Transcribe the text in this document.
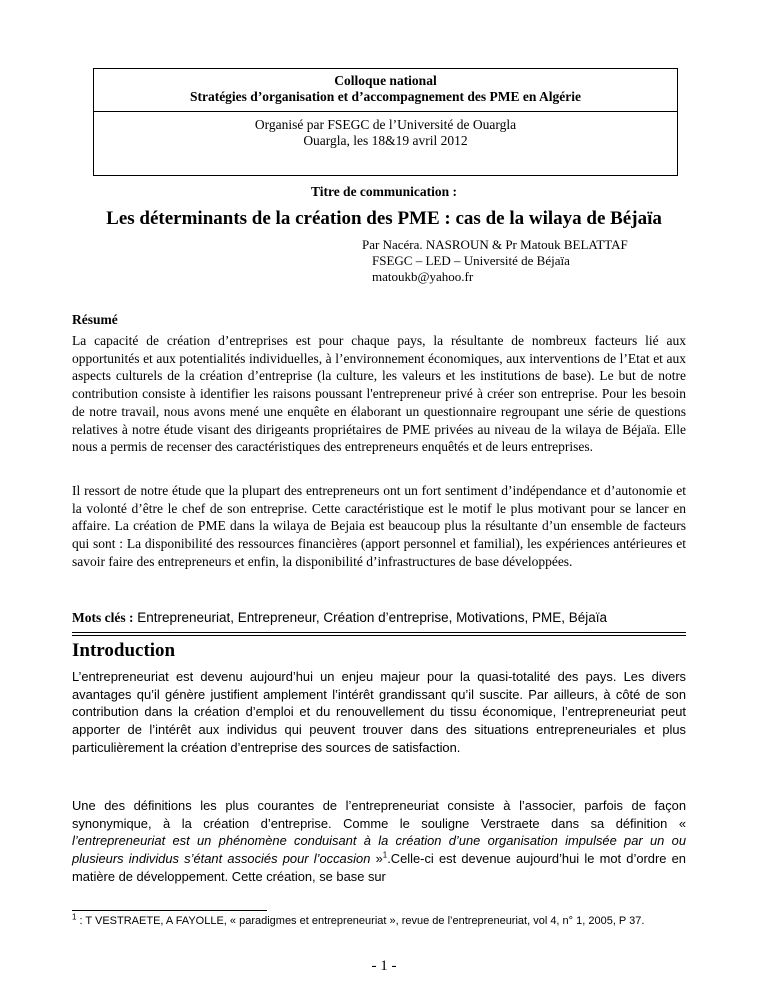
Colloque national
Stratégies d’organisation et d’accompagnement des PME en Algérie
Organisé par FSEGC de l’Université de Ouargla
Ouargla, les 18&19 avril 2012
Titre de communication :
Les déterminants de la création des PME : cas de la wilaya de Béjaïa
Par Nacéra. NASROUN & Pr Matouk BELATTAF
FSEGC – LED – Université de Béjaïa
matoukb@yahoo.fr
Résumé
La capacité de création d’entreprises est pour chaque pays, la résultante de nombreux facteurs lié aux opportunités et aux potentialités individuelles, à l’environnement économiques, aux interventions de l’Etat et aux aspects culturels de la création d’entreprise (la culture, les valeurs et les institutions de base). Le but de notre contribution consiste à identifier les raisons poussant l'entrepreneur privé à créer son entreprise. Pour les besoin de notre travail, nous avons mené une enquête en élaborant un questionnaire regroupant une série de questions relatives à notre étude visant des dirigeants propriétaires de PME privées au niveau de la wilaya de Béjaïa. Elle nous a permis de recenser des caractéristiques des entrepreneurs enquêtés et de leurs entreprises.
Il ressort de notre étude que la plupart des entrepreneurs ont un fort sentiment d’indépendance et d’autonomie et la volonté d’être le chef de son entreprise. Cette caractéristique est le motif le plus motivant pour se lancer en affaire. La création de PME dans la wilaya de Bejaia est beaucoup plus la résultante d’un ensemble de facteurs qui sont : La disponibilité des ressources financières (apport personnel et familial), les expériences antérieures et savoir faire des entrepreneurs et enfin, la disponibilité d’infrastructures de base développées.
Mots clés : Entrepreneuriat, Entrepreneur, Création d’entreprise, Motivations, PME, Béjaïa
Introduction
L’entrepreneuriat est devenu aujourd’hui un enjeu majeur pour la quasi-totalité des pays. Les divers avantages qu’il génère justifient amplement l’intérêt grandissant qu’il suscite. Par ailleurs, à côté de son contribution dans la création d’emploi et du renouvellement du tissu économique, l’entrepreneuriat peut apporter de l’intérêt aux individus qui peuvent trouver dans des situations entrepreneuriales et plus particulièrement la création d’entreprise des sources de satisfaction.
Une des définitions les plus courantes de l’entrepreneuriat consiste à l’associer, parfois de façon synonymique, à la création d’entreprise. Comme le souligne Verstraete dans sa définition « l’entrepreneuriat est un phénomène conduisant à la création d’une organisation impulsée par un ou plusieurs individus s’étant associés pour l’occasion »$^1$.Celle-ci est devenue aujourd’hui le mot d’ordre en matière de développement. Cette création, se base sur
$^1$ : T VESTRAETE, A FAYOLLE, « paradigmes et entrepreneuriat », revue de l’entrepreneuriat, vol 4, n° 1, 2005, P 37.
- 1 -
